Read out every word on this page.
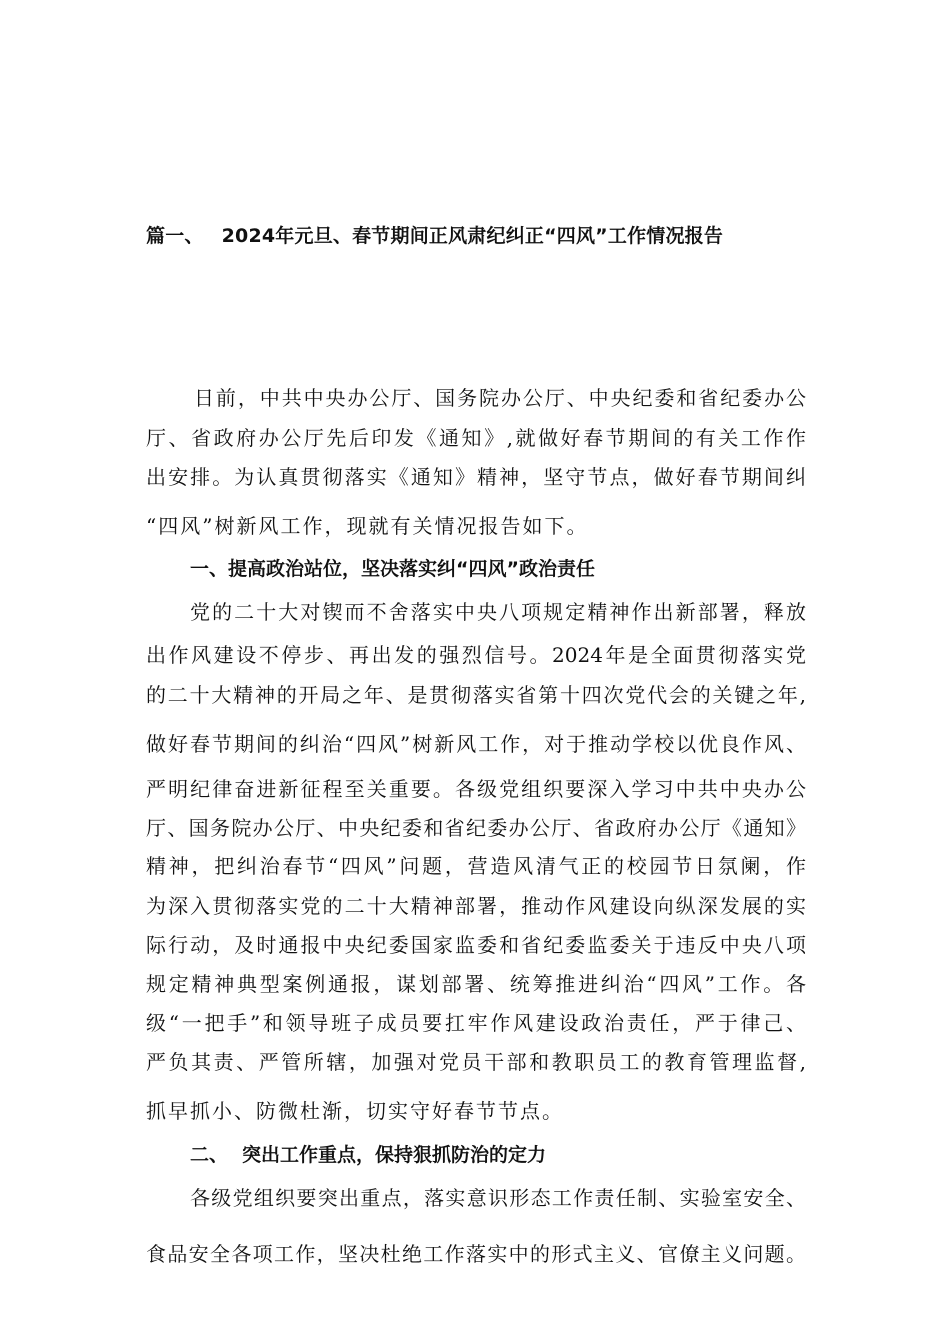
篇一、 2024年元旦、春节期间正风肃纪纠正“四风”工作情况报告
日前，中共中央办公厅、国务院办公厅、中央纪委和省纪委办公
厅、省政府办公厅先后印发《通知》,就做好春节期间的有关工作作
出安排。为认真贯彻落实《通知》精神，坚守节点，做好春节期间纠
“四风”树新风工作，现就有关情况报告如下。
一、提高政治站位，坚决落实纠“四风”政治责任
党的二十大对锲而不舍落实中央八项规定精神作出新部署，释放
出作风建设不停步、再出发的强烈信号。2024年是全面贯彻落实党
的二十大精神的开局之年、是贯彻落实省第十四次党代会的关键之年,
做好春节期间的纠治“四风”树新风工作，对于推动学校以优良作风、
严明纪律奋进新征程至关重要。各级党组织要深入学习中共中央办公
厅、国务院办公厅、中央纪委和省纪委办公厅、省政府办公厅《通知》
精神，把纠治春节“四风”问题，营造风清气正的校园节日氛阑，作
为深入贯彻落实党的二十大精神部署，推动作风建设向纵深发展的实
际行动，及时通报中央纪委国家监委和省纪委监委关于违反中央八项
规定精神典型案例通报，谋划部署、统筹推进纠治“四风”工作。各
级“一把手”和领导班子成员要扛牢作风建设政治责任，严于律己、
严负其责、严管所辖，加强对党员干部和教职员工的教育管理监督,
抓早抓小、防微杜渐，切实守好春节节点。
二、 突出工作重点，保持狠抓防治的定力
各级党组织要突出重点，落实意识形态工作责任制、实验室安全、
食品安全各项工作，坚决杜绝工作落实中的形式主义、官僚主义问题。
